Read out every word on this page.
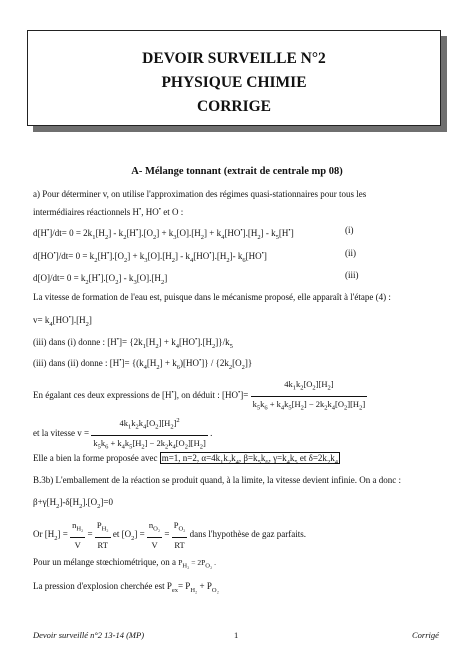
DEVOIR SURVEILLE N°2
PHYSIQUE CHIMIE
CORRIGE
A- Mélange tonnant (extrait de centrale mp 08)
a) Pour déterminer v, on utilise l'approximation des régimes quasi-stationnaires pour tous les
intermédiaires réactionnels H•, HO• et O :
$d[H^•]/dt= 0 = 2k_1[H_2] - k_2[H^•].[O_2] + k_3[O].[H_2] + k_4[HO^•].[H_2] - k_5[H^•]$	(i)
$d[HO^•]/dt= 0 = k_2[H^•].[O_2] + k_3[O].[H_2] - k_4[HO^•].[H_2]-$ $k_6[HO^•]$	(ii)
$d[O]/dt= 0 = k_2[H^•].[O_2] - k_3[O].[H_2]$	(iii)
La vitesse de formation de l'eau est, puisque dans le mécanisme proposé, elle apparaît à l'étape (4) :
$v= k_4[HO^•].[H_2]$
(iii) dans (i) donne : $[H^•]= \{2k_1[H_2] + k_4[HO^•].[H_2]\}/k_5$
(iii) dans (ii) donne : $[H^•]= \{(k_4[H_2] + k_6)[HO^•]\} / \{2k_2[O_2]\}$
En égalant ces deux expressions de [H•], on déduit : $[HO^•]= \frac{4k_1k_2[O_2][H_2]}{k_5k_6 + k_4k_5[H_2] - 2k_2k_4[O_2][H_2]}$
et la vitesse $v = \frac{4k_1k_2k_4[O_2][H_2]^2}{k_5k_6 + k_4k_5[H_2] - 2k_2k_4[O_2][H_2]}$ .
Elle a bien la forme proposée avec m=1, n=2, $\alpha=4k_1k_2k_4$, $\beta=k_5k_6$, $\gamma=k_4k_5$ et $\delta=2k_2k_4$
B.3b) L'emballement de la réaction se produit quand, à la limite, la vitesse devient infinie. On a donc :
$\beta+\gamma[H_2]-\delta[H_2].[O_2]=0$
Or $[H_2] = \frac{n_{H_2}}{V} = \frac{P_{H_2}}{RT}$ et $[O_2] = \frac{n_{O_2}}{V} = \frac{P_{O_2}}{RT}$ dans l'hypothèse de gaz parfaits.
Pour un mélange stœchiométrique, on a $P_{H_2} = 2P_{O_2}$ .
La pression d'explosion cherchée est $P_{ex}= P_{H_2} + P_{O_2}$
Devoir surveillé n°2 13-14 (MP)	1	Corrigé
